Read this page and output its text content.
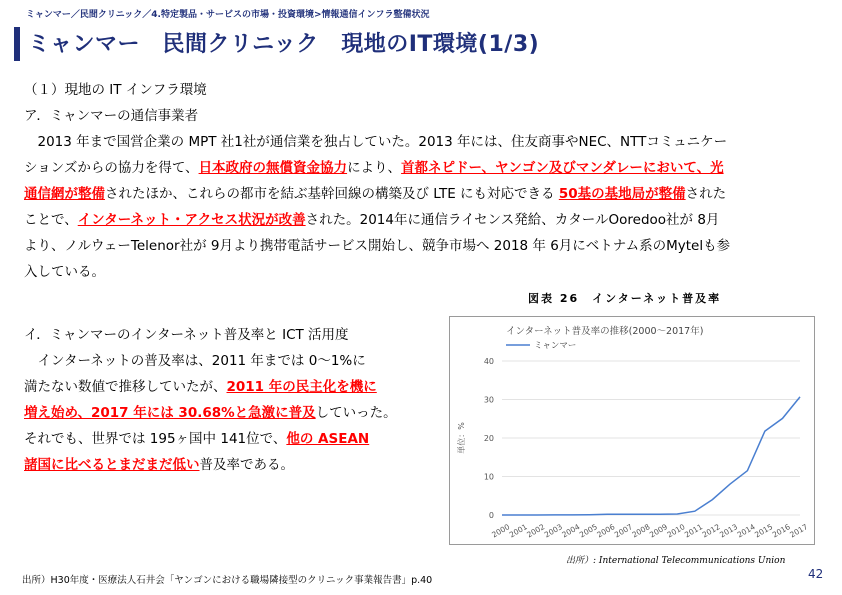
ミャンマー／民間クリニック／4.特定製品・サービスの市場・投資環境>情報通信インフラ整備状況
ミャンマー　民間クリニック　現地のIT環境(1/3)
（１）現地の IT インフラ環境
ア．ミャンマーの通信事業者
　2013 年まで国営企業の MPT 社1社が通信業を独占していた。2013 年には、住友商事やNEC、NTTコミュニケー
ションズからの協力を得て、日本政府の無償資金協力により、首都ネピドー、ヤンゴン及びマンダレーにおいて、光
通信網が整備されたほか、これらの都市を結ぶ基幹回線の構築及び LTE にも対応できる 50基の基地局が整備された
ことで、インターネット・アクセス状況が改善された。2014年に通信ライセンス発給、カタールOoredoo社が 8月
より、ノルウェーTelenor社が 9月より携帯電話サービス開始し、競争市場へ 2018 年 6月にベトナム系のMytelも参
入している。
図表 26　インターネット普及率
イ．ミャンマーのインターネット普及率と ICT 活用度
　インターネットの普及率は、2011 年までは 0～1%に
満たない数値で推移していたが、2011 年の民主化を機に
増え始め、2017 年には 30.68%と急激に普及していった。
それでも、世界では 195ヶ国中 141位で、他の ASEAN
諸国に比べるとまだまだ低い普及率である。
インターネット普及率の推移(2000～2017年)
ミャンマー
0
10
20
30
40
単位：%
2000
2001
2002
2003
2004
2005
2006
2007
2008
2009
2010
2011
2012
2013
2014
2015
2016
2017
出所）: International Telecommunications Union
出所）H30年度・医療法人石井会「ヤンゴンにおける職場隣接型のクリニック事業報告書」p.40	42
